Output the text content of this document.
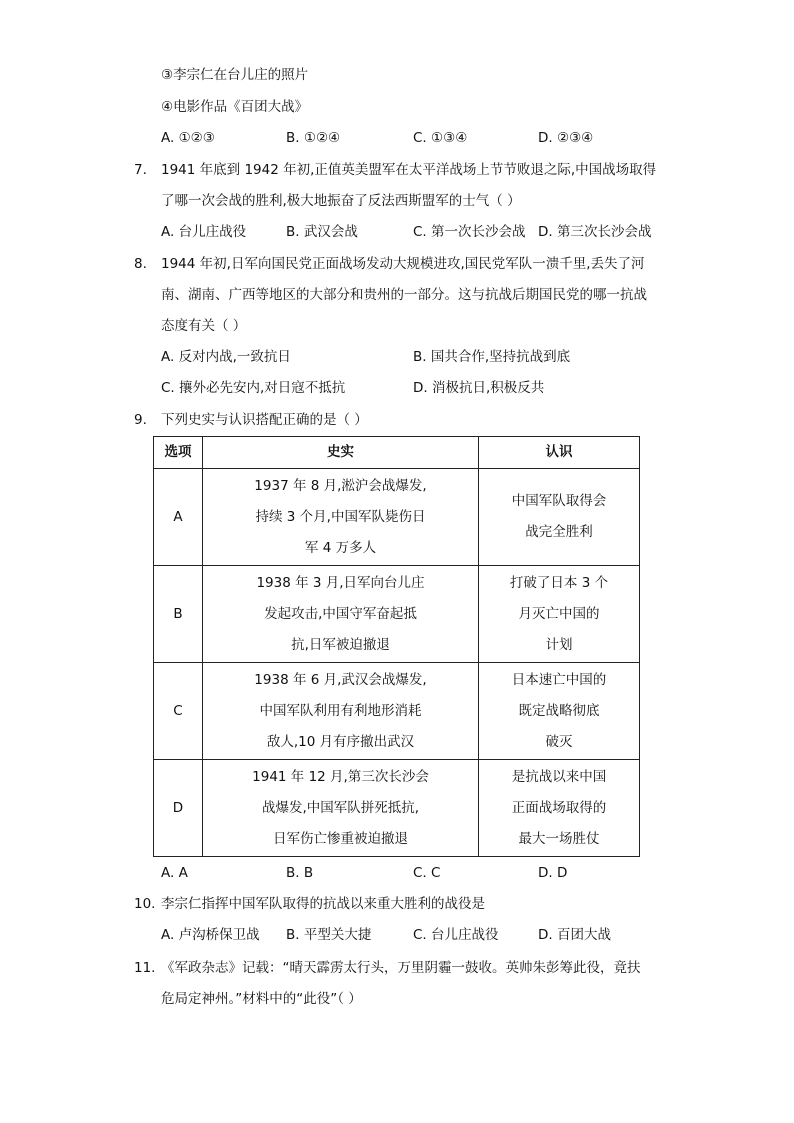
③李宗仁在台儿庄的照片
④电影作品《百团大战》
A. ①②③	B. ①②④	C. ①③④	D. ②③④
7.	1941 年底到 1942 年初,正值英美盟军在太平洋战场上节节败退之际,中国战场取得
了哪一次会战的胜利,极大地振奋了反法西斯盟军的士气（ ）
A. 台儿庄战役	B. 武汉会战	C. 第一次长沙会战 D. 第三次长沙会战
8.	1944 年初,日军向国民党正面战场发动大规模进攻,国民党军队一溃千里,丢失了河
南、湖南、广西等地区的大部分和贵州的一部分。这与抗战后期国民党的哪一抗战
态度有关（ ）
A. 反对内战,一致抗日	B. 国共合作,坚持抗战到底
C. 攘外必先安内,对日寇不抵抗	D. 消极抗日,积极反共
9.	下列史实与认识搭配正确的是（ ）
选项	史实	认识
A	1937 年 8 月,淞沪会战爆发,
持续 3 个月,中国军队毙伤日
军 4 万多人	中国军队取得会
战完全胜利

B	1938 年 3 月,日军向台儿庄
发起攻击,中国守军奋起抵
抗,日军被迫撤退	打破了日本 3 个
月灭亡中国的
计划

C	1938 年 6 月,武汉会战爆发,
中国军队利用有利地形消耗
敌人,10 月有序撤出武汉	日本速亡中国的
既定战略彻底
破灭

D	1941 年 12 月,第三次长沙会
战爆发,中国军队拼死抵抗,
日军伤亡惨重被迫撤退	是抗战以来中国
正面战场取得的
最大一场胜仗
A. A	B. B	C. C	D. D
10. 李宗仁指挥中国军队取得的抗战以来重大胜利的战役是
A. 卢沟桥保卫战 B. 平型关大捷	C. 台儿庄战役	D. 百团大战
11. 《军政杂志》记载：“晴天霹雳太行头，万里阴霾一鼓收。英帅朱彭筹此役，竟扶
危局定神州。”材料中的“此役”（ ）
